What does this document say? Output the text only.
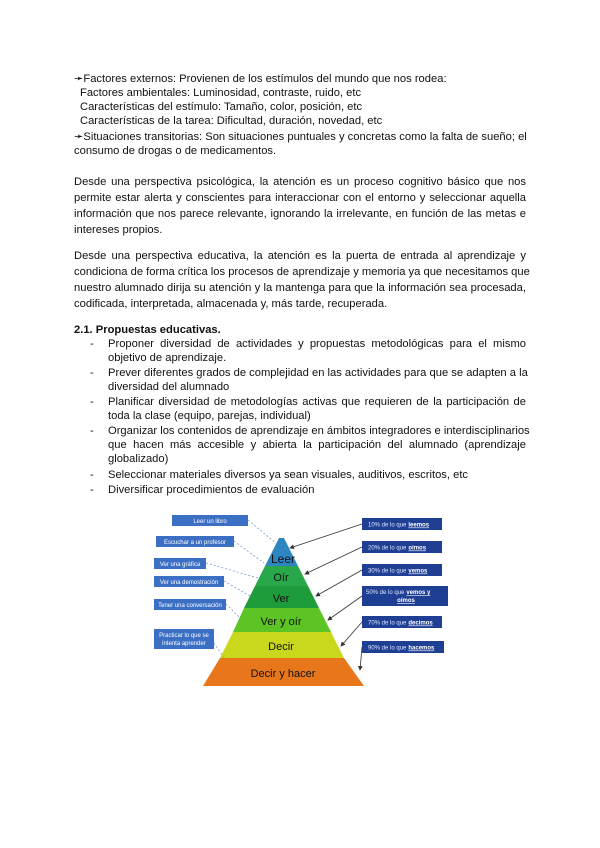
➛Factores externos: Provienen de los estímulos del mundo que nos rodea:
Factores ambientales: Luminosidad, contraste, ruido, etc
Características del estímulo: Tamaño, color, posición, etc
Características de la tarea: Dificultad, duración, novedad, etc
➛Situaciones transitorias: Son situaciones puntuales y concretas como la falta de sueño; el
consumo de drogas o de medicamentos.
Desde una perspectiva psicológica, la atención es un proceso cognitivo básico que nos
permite estar alerta y conscientes para interaccionar con el entorno y seleccionar aquella
información que nos parece relevante, ignorando la irrelevante, en función de las metas e
intereses propios.
Desde una perspectiva educativa, la atención es la puerta de entrada al aprendizaje y
condiciona de forma crítica los procesos de aprendizaje y memoria ya que necesitamos que
nuestro alumnado dirija su atención y la mantenga para que la información sea procesada,
codificada, interpretada, almacenada y, más tarde, recuperada.
2.1. Propuestas educativas.
- Proponer diversidad de actividades y propuestas metodológicas para el mismo
objetivo de aprendizaje.
- Prever diferentes grados de complejidad en las actividades para que se adapten a la
diversidad del alumnado
- Planificar diversidad de metodologías activas que requieren de la participación de
toda la clase (equipo, parejas, individual)
- Organizar los contenidos de aprendizaje en ámbitos integradores e interdisciplinarios
que hacen más accesible y abierta la participación del alumnado (aprendizaje
globalizado)
- Seleccionar materiales diversos ya sean visuales, auditivos, escritos, etc
- Diversificar procedimientos de evaluación
Leer
Oír
Ver
Ver y oír
Decir
Decir y hacer
Leer un libro
Escuchar a un profesor
Ver una gráfica
Ver una demostración
Tener una conversación
Practicar lo que se
intenta aprender
10% de lo que leemos
20% de lo que oímos
30% de lo que vemos
50% de lo que vemos y
oímos
70% de lo que decimos
90% de lo que hacemos
